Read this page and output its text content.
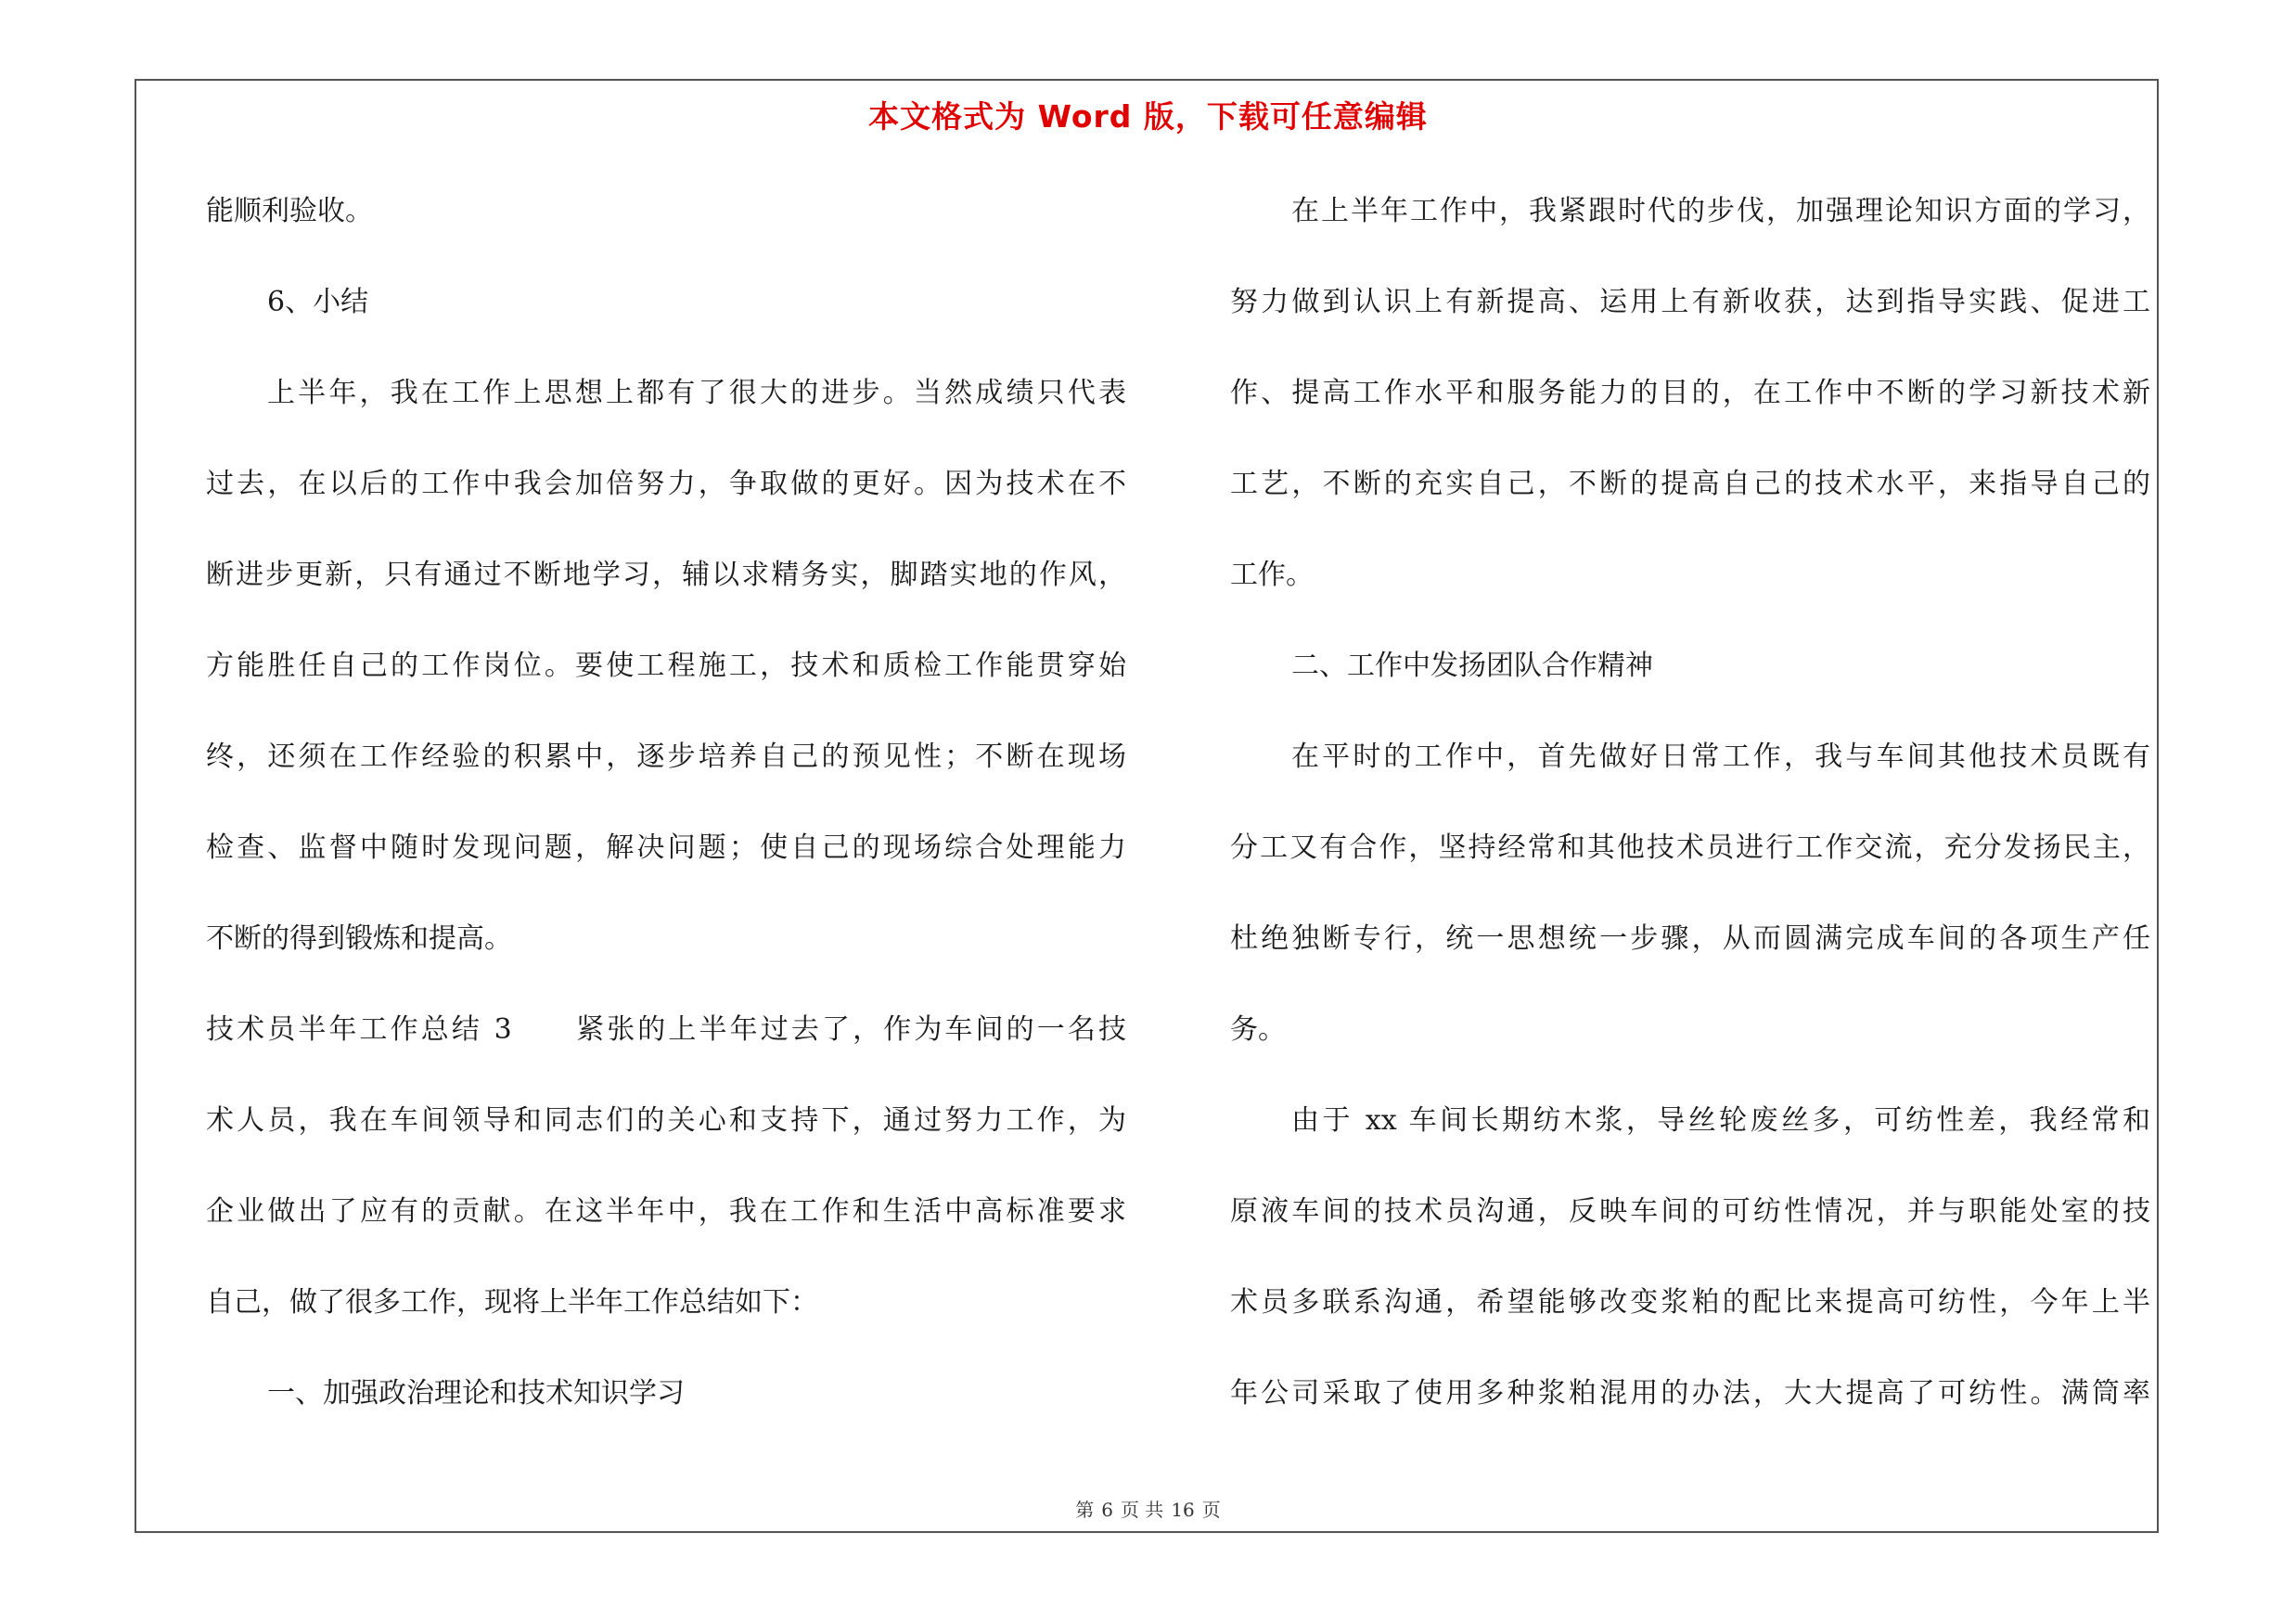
本文格式为 Word 版，下载可任意编辑
能顺利验收。
6、小结
上半年，我在工作上思想上都有了很大的进步。当然成绩只代表
过去，在以后的工作中我会加倍努力，争取做的更好。因为技术在不
断进步更新，只有通过不断地学习，辅以求精务实，脚踏实地的作风，
方能胜任自己的工作岗位。要使工程施工，技术和质检工作能贯穿始
终，还须在工作经验的积累中，逐步培养自己的预见性；不断在现场
检查、监督中随时发现问题，解决问题；使自己的现场综合处理能力
不断的得到锻炼和提高。
技术员半年工作总结 3　　紧张的上半年过去了，作为车间的一名技
术人员，我在车间领导和同志们的关心和支持下，通过努力工作，为
企业做出了应有的贡献。在这半年中，我在工作和生活中高标准要求
自己，做了很多工作，现将上半年工作总结如下：
一、加强政治理论和技术知识学习
在上半年工作中，我紧跟时代的步伐，加强理论知识方面的学习，
努力做到认识上有新提高、运用上有新收获，达到指导实践、促进工
作、提高工作水平和服务能力的目的，在工作中不断的学习新技术新
工艺，不断的充实自己，不断的提高自己的技术水平，来指导自己的
工作。
二、工作中发扬团队合作精神
在平时的工作中，首先做好日常工作，我与车间其他技术员既有
分工又有合作，坚持经常和其他技术员进行工作交流，充分发扬民主，
杜绝独断专行，统一思想统一步骤，从而圆满完成车间的各项生产任
务。
由于 xx 车间长期纺木浆，导丝轮废丝多，可纺性差，我经常和
原液车间的技术员沟通，反映车间的可纺性情况，并与职能处室的技
术员多联系沟通，希望能够改变浆粕的配比来提高可纺性，今年上半
年公司采取了使用多种浆粕混用的办法，大大提高了可纺性。满筒率
第 6 页 共 16 页
